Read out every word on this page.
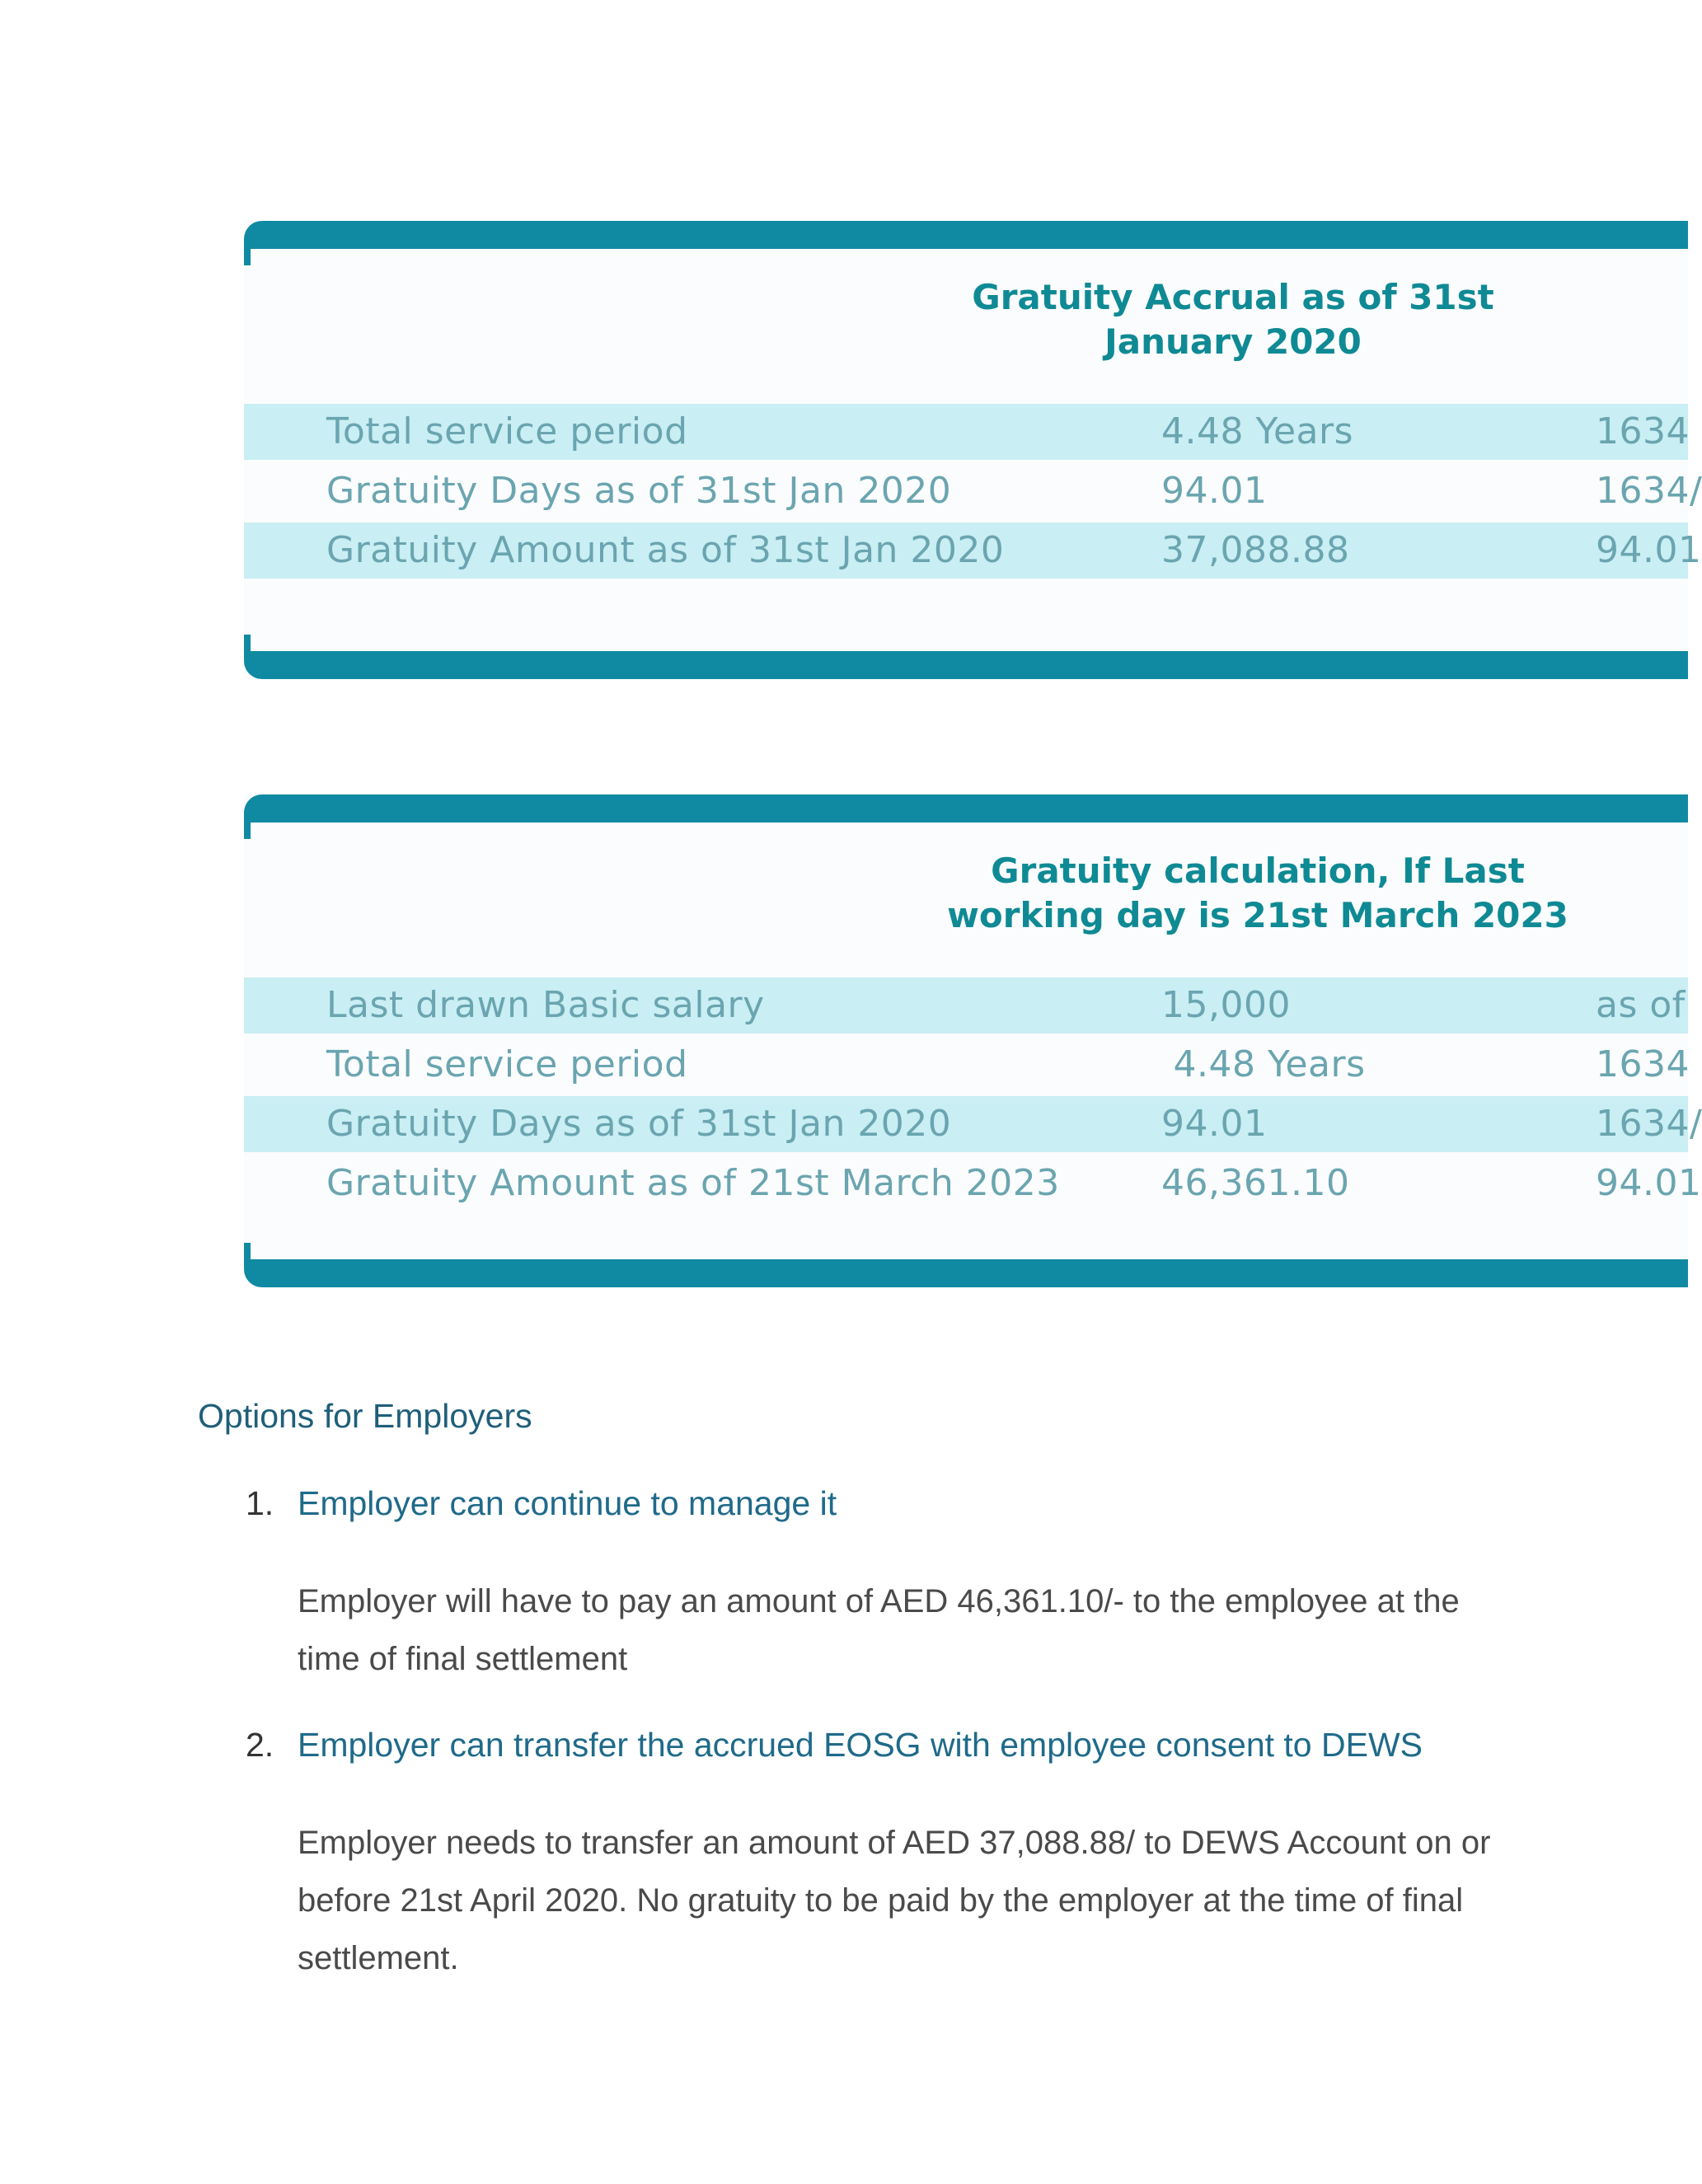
Gratuity Accrual as of 31st
January 2020
Total service period	4.48 Years	1634
Gratuity Days as of 31st Jan 2020	94.01	1634/
Gratuity Amount as of 31st Jan 2020	37,088.88	94.01
Gratuity calculation, If Last
working day is 21st March 2023
Last drawn Basic salary	15,000	as of
Total service period	4.48 Years	1634
Gratuity Days as of 31st Jan 2020	94.01	1634/
Gratuity Amount as of 21st March 2023	46,361.10	94.01
Options for Employers
1. Employer can continue to manage it
Employer will have to pay an amount of AED 46,361.10/- to the employee at the time of final settlement
2. Employer can transfer the accrued EOSG with employee consent to DEWS
Employer needs to transfer an amount of AED 37,088.88/ to DEWS Account on or before 21st April 2020. No gratuity to be paid by the employer at the time of final settlement.
